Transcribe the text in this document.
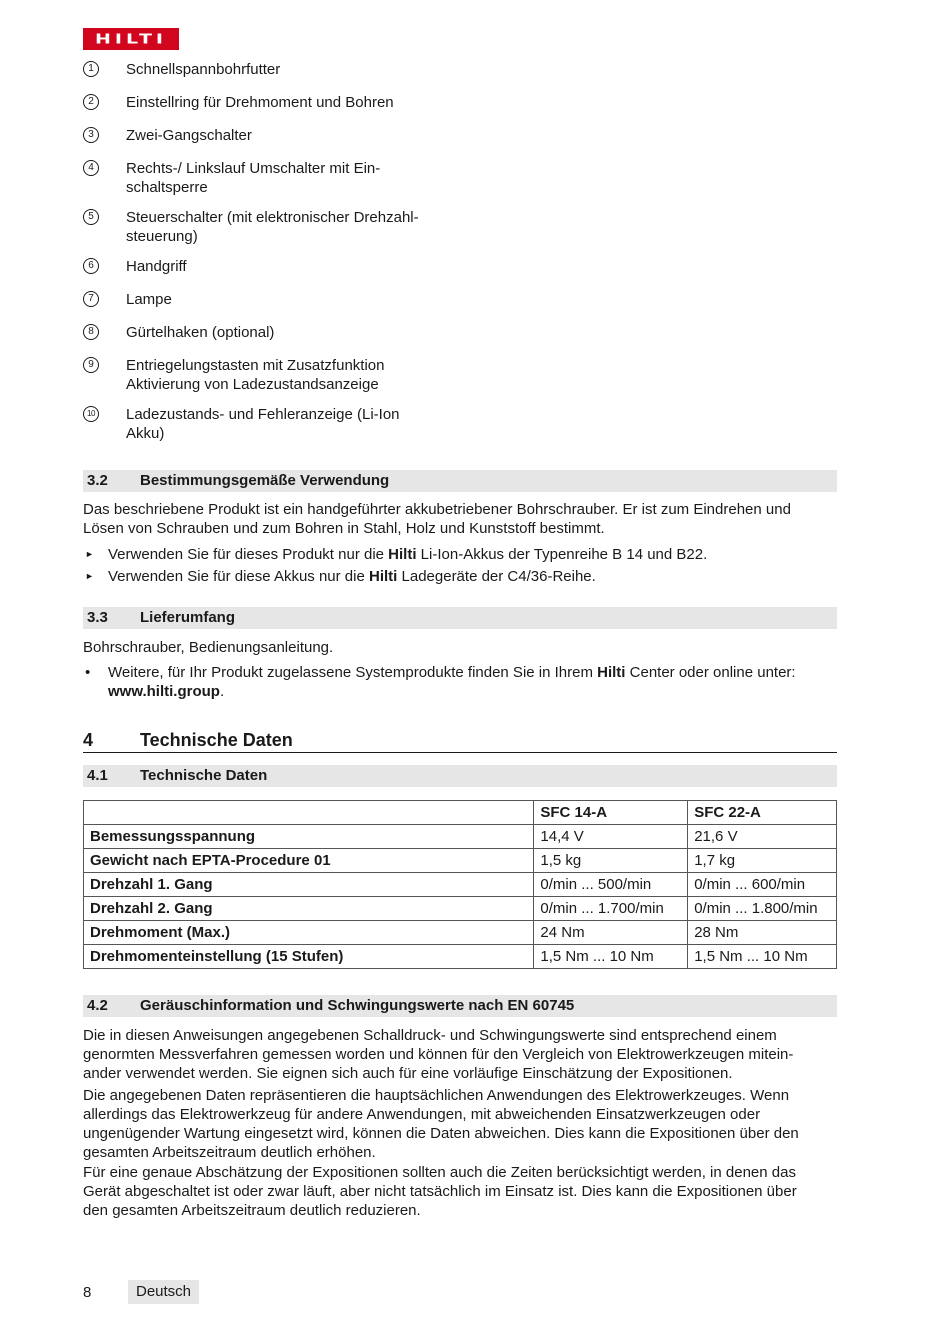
HILTI
1	Schnellspannbohrfutter
2	Einstellring für Drehmoment und Bohren
3	Zwei-Gangschalter
4	Rechts-/ Linkslauf Umschalter mit Ein-
schaltsperre
5	Steuerschalter (mit elektronischer Drehzahl-
steuerung)
6	Handgriff
7	Lampe
8	Gürtelhaken (optional)
9	Entriegelungstasten mit Zusatzfunktion
Aktivierung von Ladezustandsanzeige
10 Ladezustands- und Fehleranzeige (Li-Ion
Akku)
3.2 Bestimmungsgemäße Verwendung
Das beschriebene Produkt ist ein handgeführter akkubetriebener Bohrschrauber. Er ist zum Eindrehen und
Lösen von Schrauben und zum Bohren in Stahl, Holz und Kunststoff bestimmt.
► Verwenden Sie für dieses Produkt nur die Hilti Li-Ion-Akkus der Typenreihe B 14 und B22.
► Verwenden Sie für diese Akkus nur die Hilti Ladegeräte der C4/36-Reihe.
3.3 Lieferumfang
Bohrschrauber, Bedienungsanleitung.
• Weitere, für Ihr Produkt zugelassene Systemprodukte finden Sie in Ihrem Hilti Center oder online unter:
www.hilti.group.
4	Technische Daten
4.1 Technische Daten
	SFC 14-A	SFC 22-A
Bemessungsspannung	14,4 V	21,6 V
Gewicht nach EPTA-Procedure 01	1,5 kg	1,7 kg
Drehzahl 1. Gang	0/min ... 500/min	0/min ... 600/min
Drehzahl 2. Gang	0/min ... 1.700/min	0/min ... 1.800/min
Drehmoment (Max.)	24 Nm	28 Nm
Drehmomenteinstellung (15 Stufen)	1,5 Nm ... 10 Nm	1,5 Nm ... 10 Nm
4.2 Geräuschinformation und Schwingungswerte nach EN 60745
Die in diesen Anweisungen angegebenen Schalldruck- und Schwingungswerte sind entsprechend einem
genormten Messverfahren gemessen worden und können für den Vergleich von Elektrowerkzeugen mitein-
ander verwendet werden. Sie eignen sich auch für eine vorläufige Einschätzung der Expositionen.
Die angegebenen Daten repräsentieren die hauptsächlichen Anwendungen des Elektrowerkzeuges. Wenn
allerdings das Elektrowerkzeug für andere Anwendungen, mit abweichenden Einsatzwerkzeugen oder
ungenügender Wartung eingesetzt wird, können die Daten abweichen. Dies kann die Expositionen über den
gesamten Arbeitszeitraum deutlich erhöhen.
Für eine genaue Abschätzung der Expositionen sollten auch die Zeiten berücksichtigt werden, in denen das
Gerät abgeschaltet ist oder zwar läuft, aber nicht tatsächlich im Einsatz ist. Dies kann die Expositionen über
den gesamten Arbeitszeitraum deutlich reduzieren.
8	Deutsch
